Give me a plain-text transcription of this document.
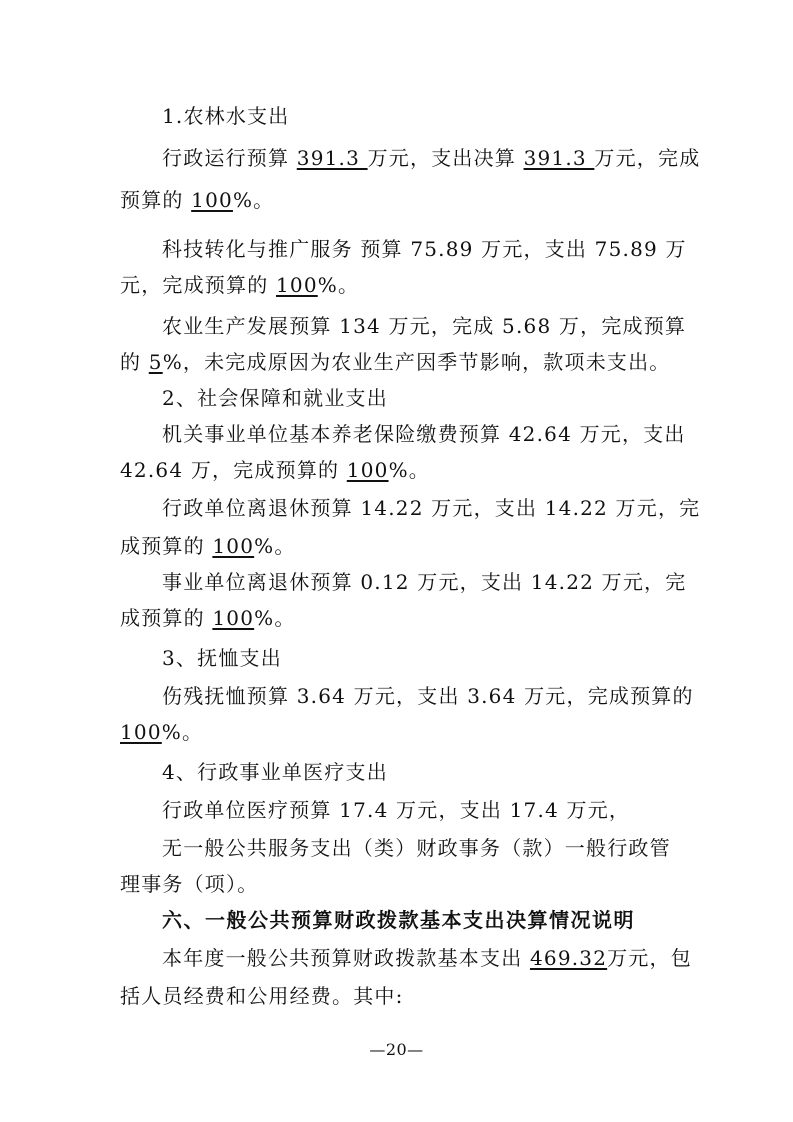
1.农林水支出
行政运行预算 391.3 万元，支出决算 391.3 万元，完成
预算的 100%。
科技转化与推广服务 预算 75.89 万元，支出 75.89 万
元，完成预算的 100%。
农业生产发展预算 134 万元，完成 5.68 万，完成预算
的 5%，未完成原因为农业生产因季节影响，款项未支出。
2、社会保障和就业支出
机关事业单位基本养老保险缴费预算 42.64 万元，支出
42.64 万，完成预算的 100%。
行政单位离退休预算 14.22 万元，支出 14.22 万元，完
成预算的 100%。
事业单位离退休预算 0.12 万元，支出 14.22 万元，完
成预算的 100%。
3、抚恤支出
伤残抚恤预算 3.64 万元，支出 3.64 万元，完成预算的
100%。
4、行政事业单医疗支出
行政单位医疗预算 17.4 万元，支出 17.4 万元，
无一般公共服务支出（类）财政事务（款）一般行政管
理事务（项）。
六、一般公共预算财政拨款基本支出决算情况说明
本年度一般公共预算财政拨款基本支出 469.32万元，包
括人员经费和公用经费。其中:
—20—
